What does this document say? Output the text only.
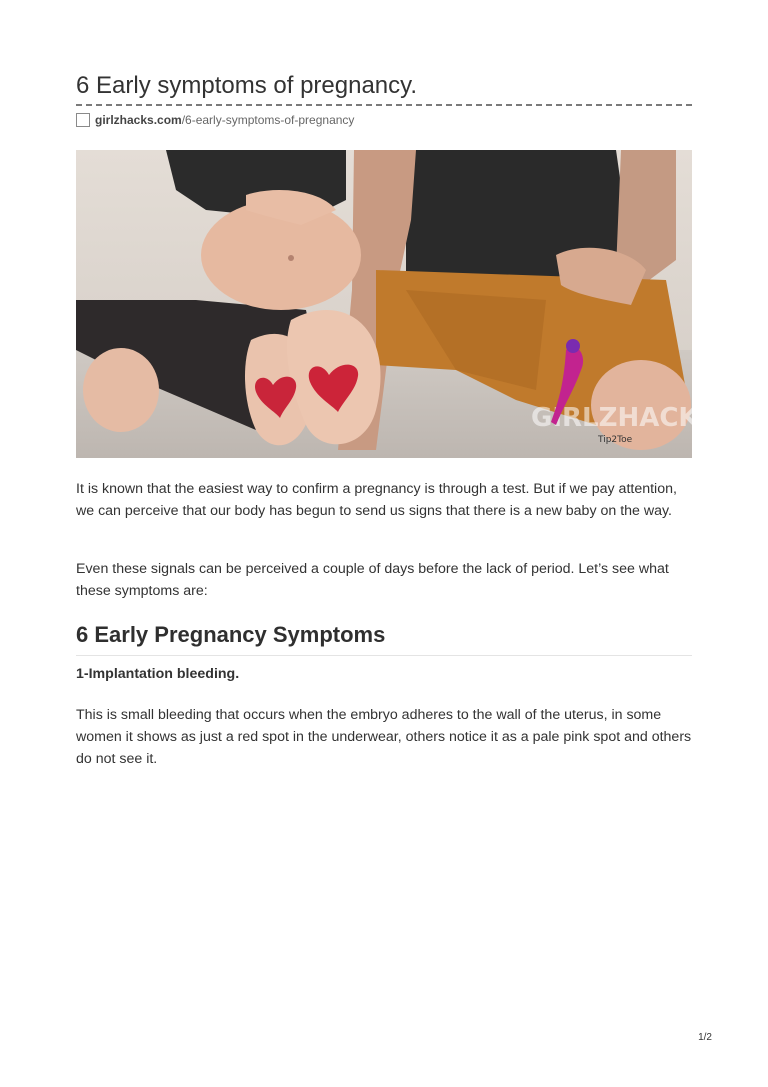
6 Early symptoms of pregnancy.
girlzhacks.com /6-early-symptoms-of-pregnancy
GIRLZHACKS
Tip2Toe

It is known that the easiest way to confirm a pregnancy is through a test. But if we pay attention, we can perceive that our body has begun to send us signs that there is a new baby on the way.

Even these signals can be perceived a couple of days before the lack of period. Let’s see what these symptoms are:

6 Early Pregnancy Symptoms
1-Implantation bleeding.

This is small bleeding that occurs when the embryo adheres to the wall of the uterus, in some women it shows as just a red spot in the underwear, others notice it as a pale pink spot and others do not see it.

1/2
